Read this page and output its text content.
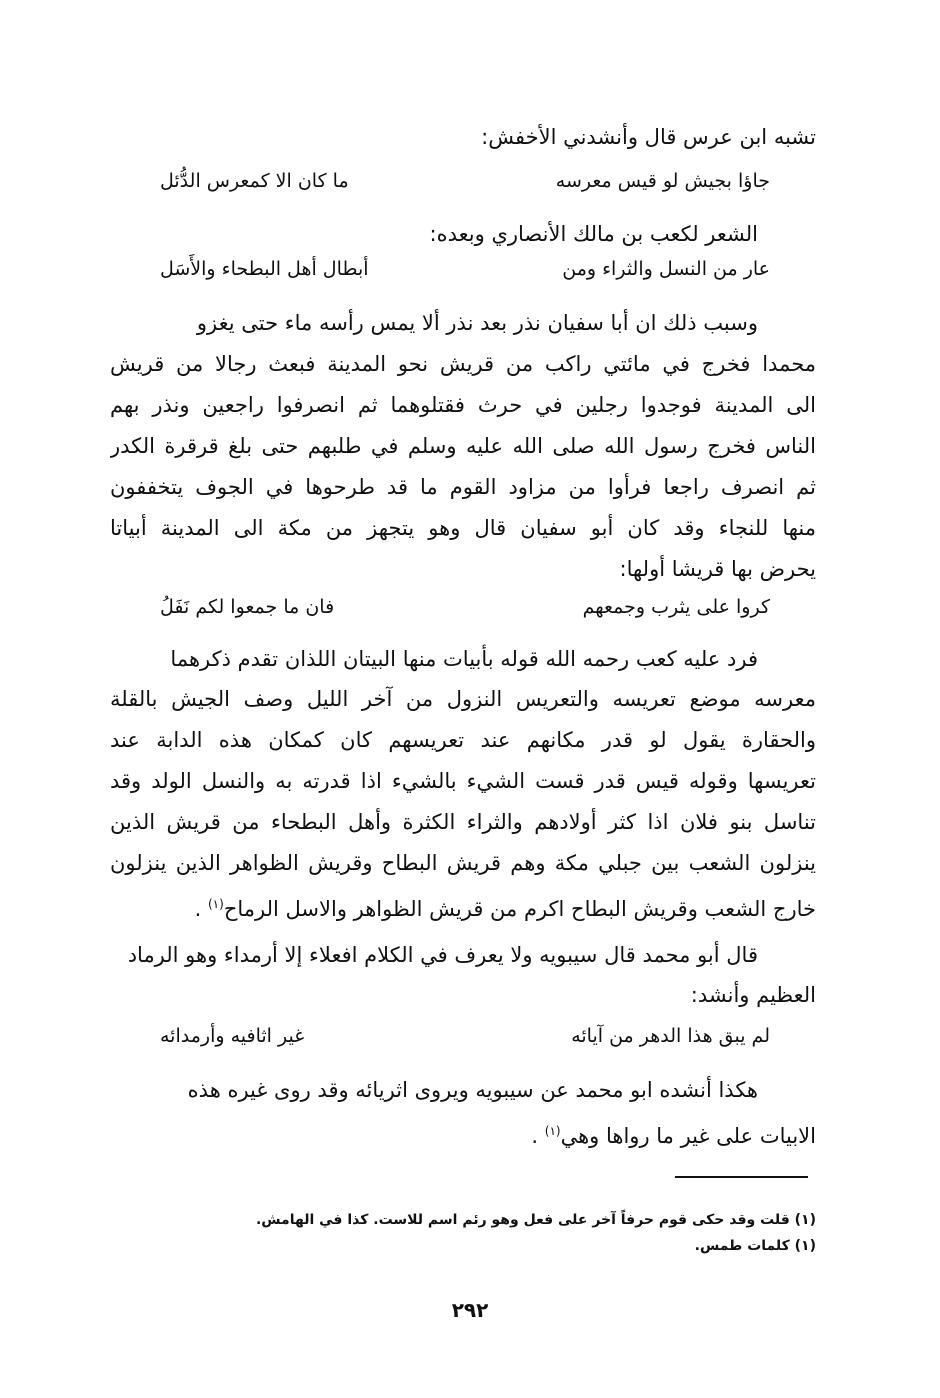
تشبه ابن عرس قال وأنشدني الأخفش:
جاؤا بجيش لو قيس معرسه
ما كان الا كمعرس الدُّئل
الشعر لكعب بن مالك الأنصاري وبعده:
عار من النسل والثراء ومن
أبطال أهل البطحاء والأَسَل
وسبب ذلك ان أبا سفيان نذر بعد نذر ألا يمس رأسه ماء حتى يغزو
محمدا فخرج في مائتي راكب من قريش نحو المدينة فبعث رجالا من قريش
الى المدينة فوجدوا رجلين في حرث فقتلوهما ثم انصرفوا راجعين ونذر بهم
الناس فخرج رسول الله صلى الله عليه وسلم في طلبهم حتى بلغ قرقرة الكدر
ثم انصرف راجعا فرأوا من مزاود القوم ما قد طرحوها في الجوف يتخففون
منها للنجاء وقد كان أبو سفيان قال وهو يتجهز من مكة الى المدينة أبياتا
يحرض بها قريشا أولها:
كروا على يثرب وجمعهم
فان ما جمعوا لكم نَفَلُ
فرد عليه كعب رحمه الله قوله بأبيات منها البيتان اللذان تقدم ذكرهما
معرسه موضع تعريسه والتعريس النزول من آخر الليل وصف الجيش بالقلة
والحقارة يقول لو قدر مكانهم عند تعريسهم كان كمكان هذه الدابة عند
تعريسها وقوله قيس قدر قست الشيء بالشيء اذا قدرته به والنسل الولد وقد
تناسل بنو فلان اذا كثر أولادهم والثراء الكثرة وأهل البطحاء من قريش الذين
ينزلون الشعب بين جبلي مكة وهم قريش البطاح وقريش الظواهر الذين ينزلون
خارج الشعب وقريش البطاح اكرم من قريش الظواهر والاسل الرماح$^{(١)}$ .
قال أبو محمد قال سيبويه ولا يعرف في الكلام افعلاء إلا أرمداء وهو الرماد
العظيم وأنشد:
لم يبق هذا الدهر من آيائه
غير اثافيه وأرمدائه
هكذا أنشده ابو محمد عن سيبويه ويروى اثريائه وقد روى غيره هذه
الابيات على غير ما رواها وهي$^{(١)}$ .
(١) قلت وقد حكى قوم حرفاً آخر على فعل وهو رئم اسم للاست. كذا في الهامش.
(١) كلمات طمس.
٢٩٢
